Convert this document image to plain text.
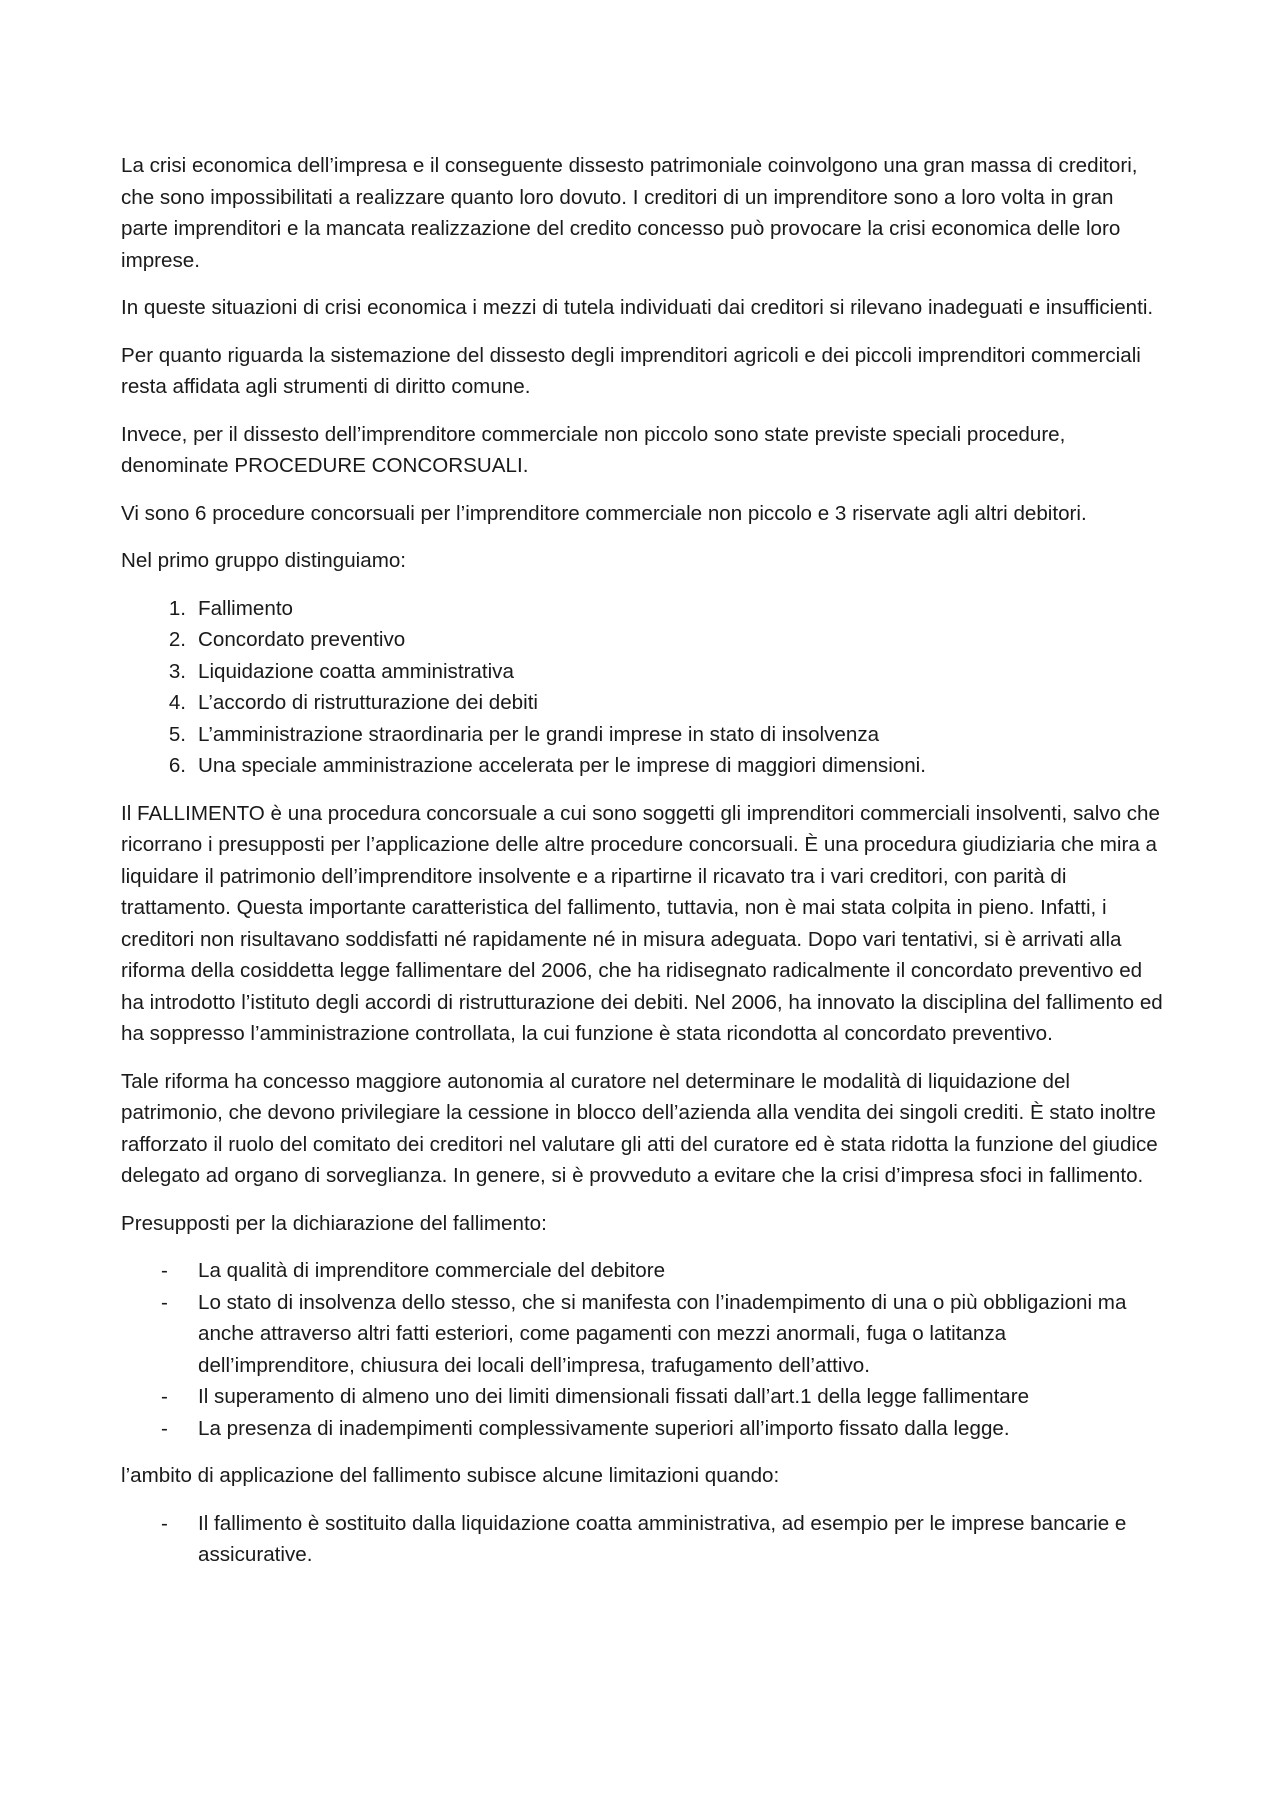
La crisi economica dell’impresa e il conseguente dissesto patrimoniale coinvolgono una gran massa di creditori, che sono impossibilitati a realizzare quanto loro dovuto. I creditori di un imprenditore sono a loro volta in gran parte imprenditori e la mancata realizzazione del credito concesso può provocare la crisi economica delle loro imprese.

In queste situazioni di crisi economica i mezzi di tutela individuati dai creditori si rilevano inadeguati e insufficienti.

Per quanto riguarda la sistemazione del dissesto degli imprenditori agricoli e dei piccoli imprenditori commerciali resta affidata agli strumenti di diritto comune.

Invece, per il dissesto dell’imprenditore commerciale non piccolo sono state previste speciali procedure, denominate PROCEDURE CONCORSUALI.

Vi sono 6 procedure concorsuali per l’imprenditore commerciale non piccolo e 3 riservate agli altri debitori.

Nel primo gruppo distinguiamo:

1. Fallimento
2. Concordato preventivo
3. Liquidazione coatta amministrativa
4. L’accordo di ristrutturazione dei debiti
5. L’amministrazione straordinaria per le grandi imprese in stato di insolvenza
6. Una speciale amministrazione accelerata per le imprese di maggiori dimensioni.

Il FALLIMENTO è una procedura concorsuale a cui sono soggetti gli imprenditori commerciali insolventi, salvo che ricorrano i presupposti per l’applicazione delle altre procedure concorsuali. È una procedura giudiziaria che mira a liquidare il patrimonio dell’imprenditore insolvente e a ripartirne il ricavato tra i vari creditori, con parità di trattamento. Questa importante caratteristica del fallimento, tuttavia, non è mai stata colpita in pieno. Infatti, i creditori non risultavano soddisfatti né rapidamente né in misura adeguata. Dopo vari tentativi, si è arrivati alla riforma della cosiddetta legge fallimentare del 2006, che ha ridisegnato radicalmente il concordato preventivo ed ha introdotto l’istituto degli accordi di ristrutturazione dei debiti. Nel 2006, ha innovato la disciplina del fallimento ed ha soppresso l’amministrazione controllata, la cui funzione è stata ricondotta al concordato preventivo.

Tale riforma ha concesso maggiore autonomia al curatore nel determinare le modalità di liquidazione del patrimonio, che devono privilegiare la cessione in blocco dell’azienda alla vendita dei singoli crediti. È stato inoltre rafforzato il ruolo del comitato dei creditori nel valutare gli atti del curatore ed è stata ridotta la funzione del giudice delegato ad organo di sorveglianza. In genere, si è provveduto a evitare che la crisi d’impresa sfoci in fallimento.

Presupposti per la dichiarazione del fallimento:

-	La qualità di imprenditore commerciale del debitore
-	Lo stato di insolvenza dello stesso, che si manifesta con l’inadempimento di una o più obbligazioni ma anche attraverso altri fatti esteriori, come pagamenti con mezzi anormali, fuga o latitanza dell’imprenditore, chiusura dei locali dell’impresa, trafugamento dell’attivo.
-	Il superamento di almeno uno dei limiti dimensionali fissati dall’art.1 della legge fallimentare
-	La presenza di inadempimenti complessivamente superiori all’importo fissato dalla legge.

l’ambito di applicazione del fallimento subisce alcune limitazioni quando:

-	Il fallimento è sostituito dalla liquidazione coatta amministrativa, ad esempio per le imprese bancarie e assicurative.
